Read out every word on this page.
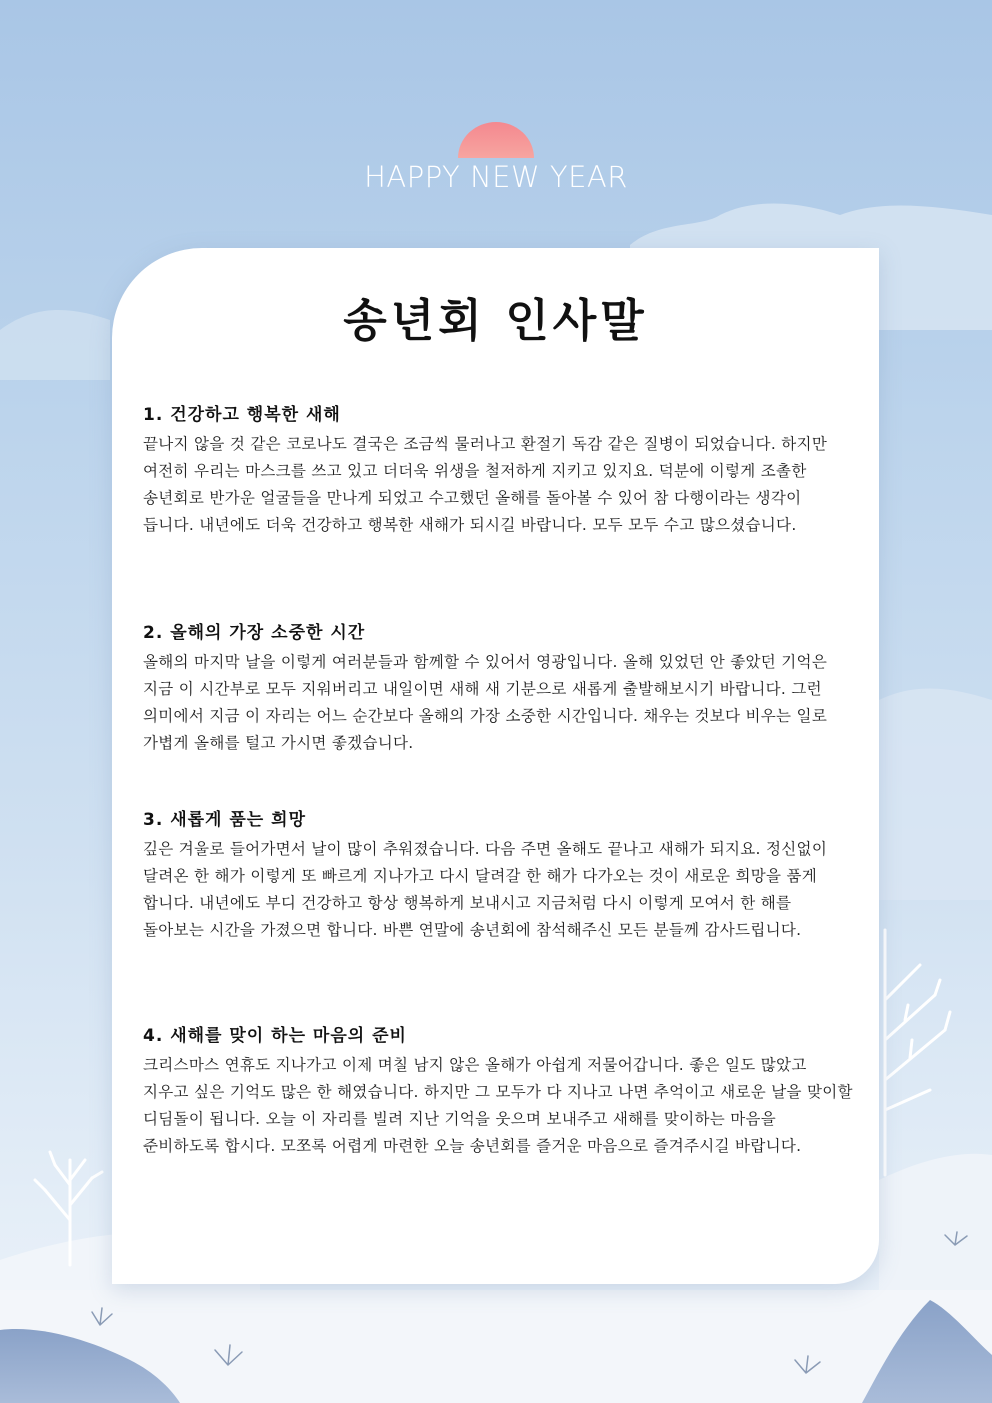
HAPPY NEW YEAR
송년회 인사말
1. 건강하고 행복한 새해

끝나지 않을 것 같은 코로나도 결국은 조금씩 물러나고 환절기 독감 같은 질병이 되었습니다. 하지만 여전히 우리는 마스크를 쓰고 있고 더더욱 위생을 철저하게 지키고 있지요. 덕분에 이렇게 조촐한 송년회로 반가운 얼굴들을 만나게 되었고 수고했던 올해를 돌아볼 수 있어 참 다행이라는 생각이 듭니다. 내년에도 더욱 건강하고 행복한 새해가 되시길 바랍니다. 모두 모두 수고 많으셨습니다.

2. 올해의 가장 소중한 시간

올해의 마지막 날을 이렇게 여러분들과 함께할 수 있어서 영광입니다. 올해 있었던 안 좋았던 기억은 지금 이 시간부로 모두 지워버리고 내일이면 새해 새 기분으로 새롭게 출발해보시기 바랍니다. 그런 의미에서 지금 이 자리는 어느 순간보다 올해의 가장 소중한 시간입니다. 채우는 것보다 비우는 일로 가볍게 올해를 털고 가시면 좋겠습니다.

3. 새롭게 품는 희망

깊은 겨울로 들어가면서 날이 많이 추워졌습니다. 다음 주면 올해도 끝나고 새해가 되지요. 정신없이 달려온 한 해가 이렇게 또 빠르게 지나가고 다시 달려갈 한 해가 다가오는 것이 새로운 희망을 품게 합니다. 내년에도 부디 건강하고 항상 행복하게 보내시고 지금처럼 다시 이렇게 모여서 한 해를 돌아보는 시간을 가졌으면 합니다. 바쁜 연말에 송년회에 참석해주신 모든 분들께 감사드립니다.

4. 새해를 맞이 하는 마음의 준비

크리스마스 연휴도 지나가고 이제 며칠 남지 않은 올해가 아쉽게 저물어갑니다. 좋은 일도 많았고 지우고 싶은 기억도 많은 한 해였습니다. 하지만 그 모두가 다 지나고 나면 추억이고 새로운 날을 맞이할 디딤돌이 됩니다. 오늘 이 자리를 빌려 지난 기억을 웃으며 보내주고 새해를 맞이하는 마음을 준비하도록 합시다. 모쪼록 어렵게 마련한 오늘 송년회를 즐거운 마음으로 즐겨주시길 바랍니다.
